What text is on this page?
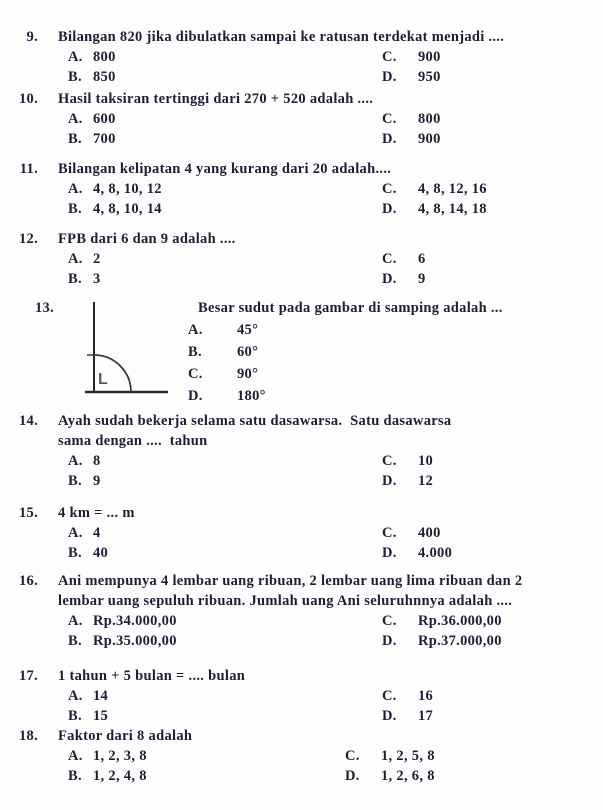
9. Bilangan 820 jika dibulatkan sampai ke ratusan terdekat menjadi ....
A. 800	C. 900
B. 850	D. 950
10. Hasil taksiran tertinggi dari 270 + 520 adalah ....
A. 600	C. 800
B. 700	D. 900
11. Bilangan kelipatan 4 yang kurang dari 20 adalah....
A. 4, 8, 10, 12	C. 4, 8, 12, 16
B. 4, 8, 10, 14	D. 4, 8, 14, 18
12. FPB dari 6 dan 9 adalah ....
A. 2	C. 6
B. 3	D. 9
13.
L
Besar sudut pada gambar di samping adalah ...
A. 45°
B. 60°
C. 90°
D. 180°
14. Ayah sudah bekerja selama satu dasawarsa.  Satu dasawarsa
sama dengan ....  tahun
A. 8	C. 10
B. 9	D. 12
15. 4 km = ... m
A. 4	C. 400
B. 40	D. 4.000
16. Ani mempunya 4 lembar uang ribuan, 2 lembar uang lima ribuan dan 2
lembar uang sepuluh ribuan. Jumlah uang Ani seluruhnnya adalah ....
A. Rp.34.000,00	C. Rp.36.000,00
B. Rp.35.000,00	D. Rp.37.000,00
17. 1 tahun + 5 bulan = .... bulan
A. 14	C. 16
B. 15	D. 17
18. Faktor dari 8 adalah
A. 1, 2, 3, 8	C. 1, 2, 5, 8
B. 1, 2, 4, 8	D. 1, 2, 6, 8
